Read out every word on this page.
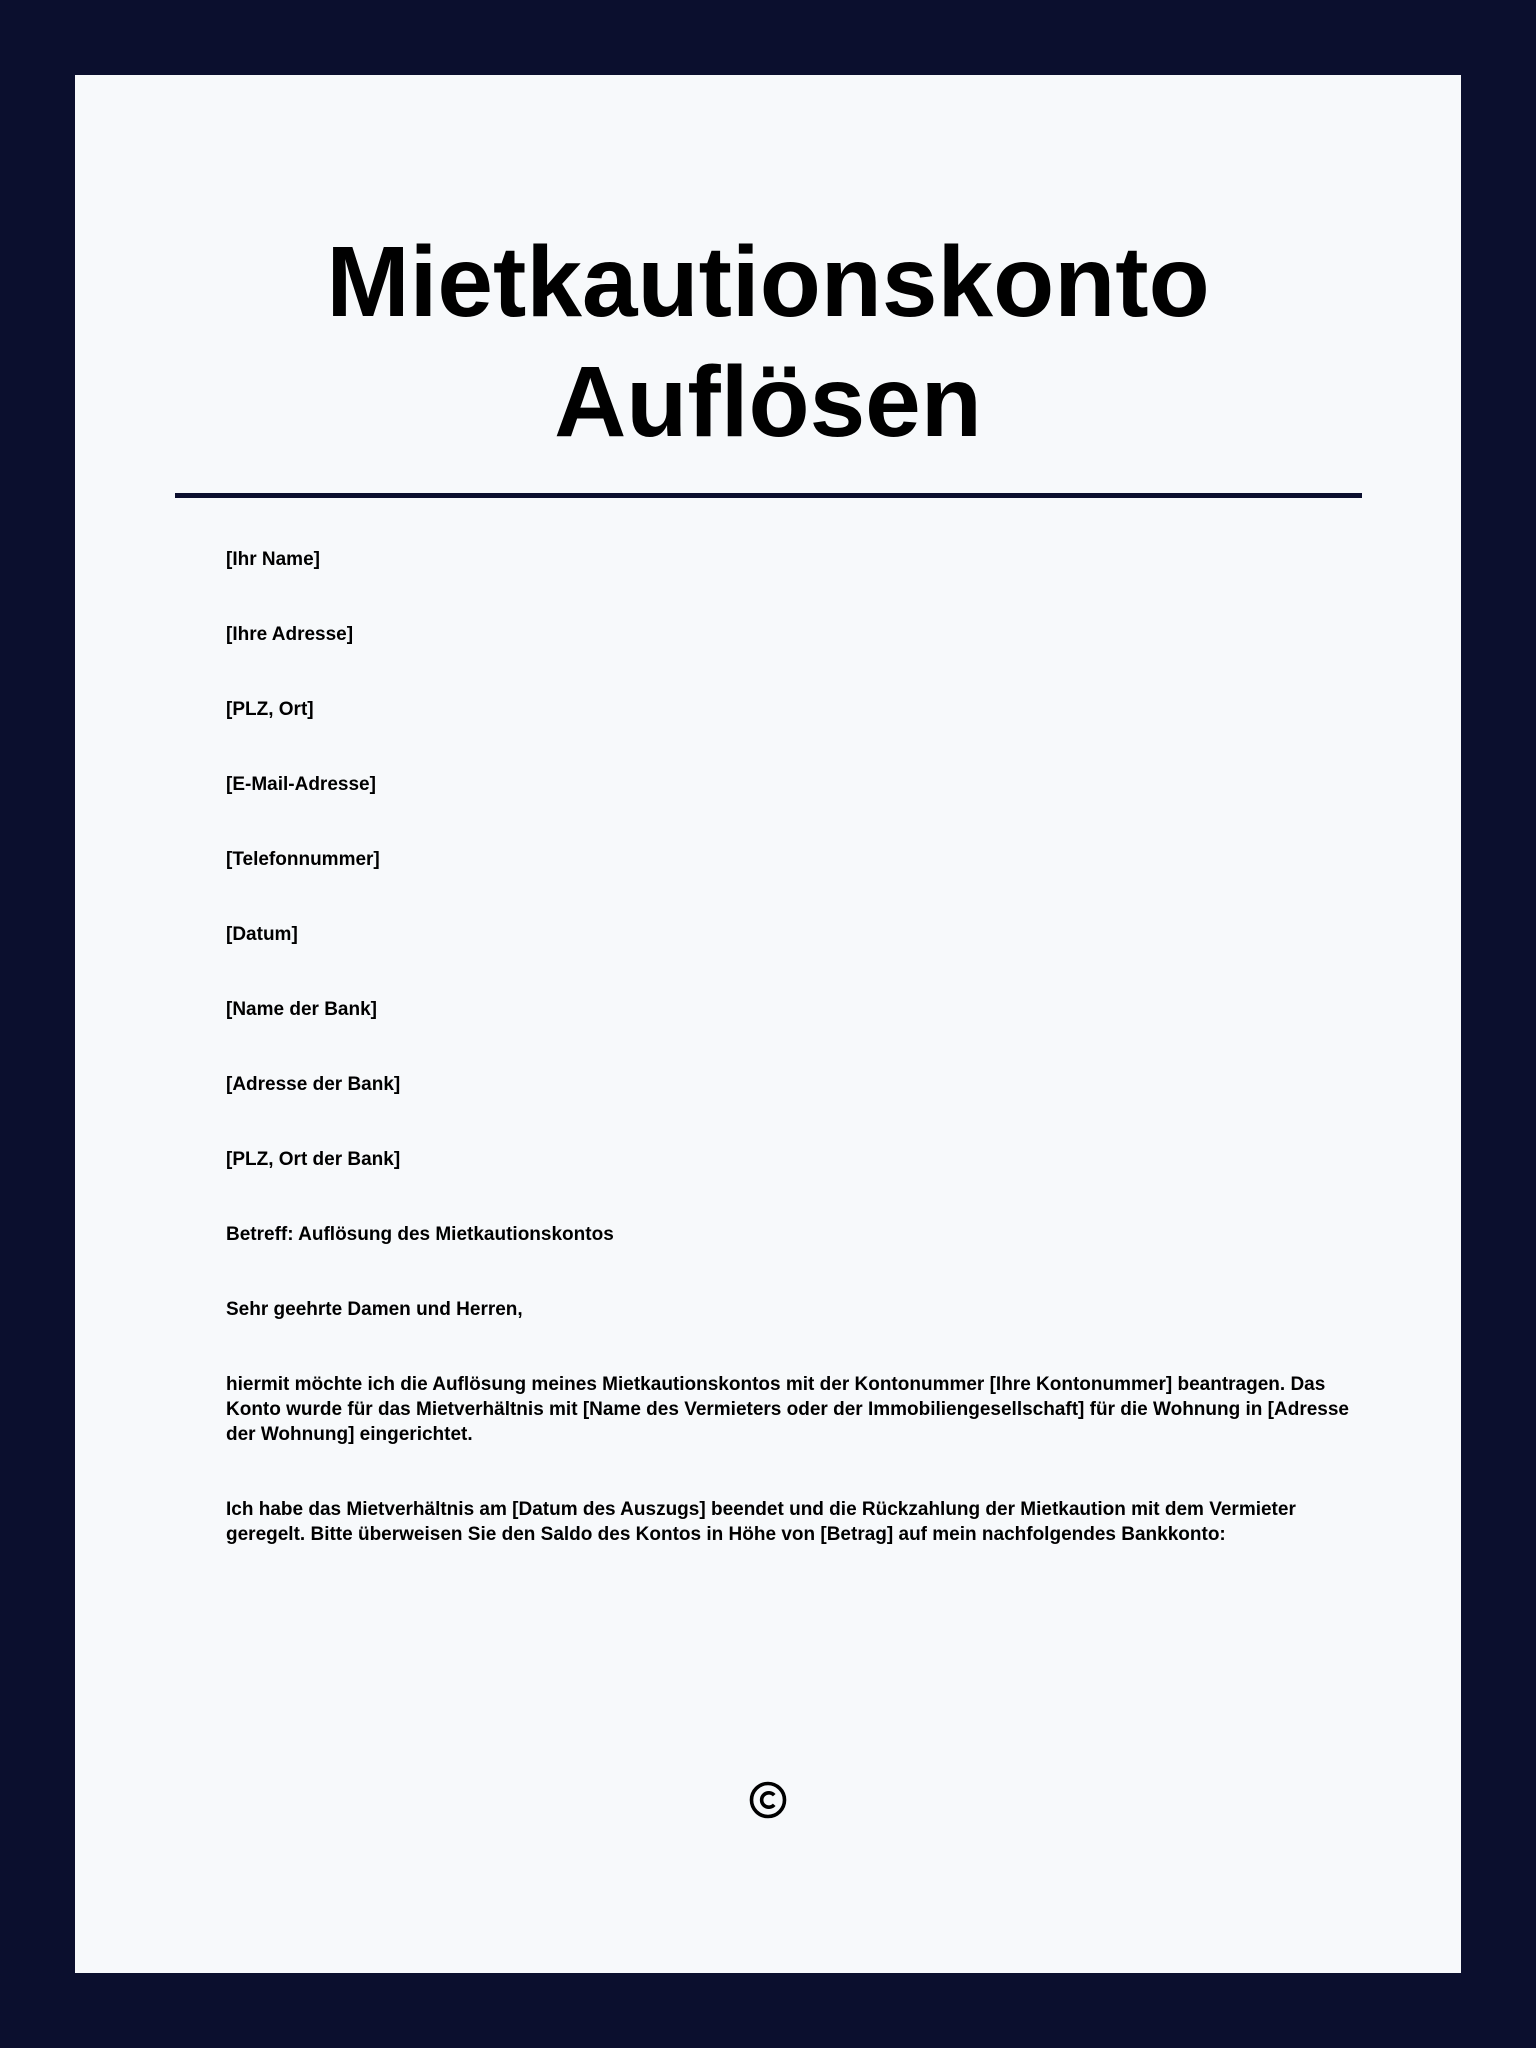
Mietkautionskonto
Auflösen

[Ihr Name]

[Ihre Adresse]

[PLZ, Ort]

[E-Mail-Adresse]

[Telefonnummer]

[Datum]

[Name der Bank]

[Adresse der Bank]

[PLZ, Ort der Bank]

Betreff: Auflösung des Mietkautionskontos

Sehr geehrte Damen und Herren,

hiermit möchte ich die Auflösung meines Mietkautionskontos mit der Kontonummer [Ihre Kontonummer] beantragen. Das Konto wurde für das Mietverhältnis mit [Name des Vermieters oder der Immobiliengesellschaft] für die Wohnung in [Adresse der Wohnung] eingerichtet.

Ich habe das Mietverhältnis am [Datum des Auszugs] beendet und die Rückzahlung der Mietkaution mit dem Vermieter geregelt. Bitte überweisen Sie den Saldo des Kontos in Höhe von [Betrag] auf mein nachfolgendes Bankkonto:
